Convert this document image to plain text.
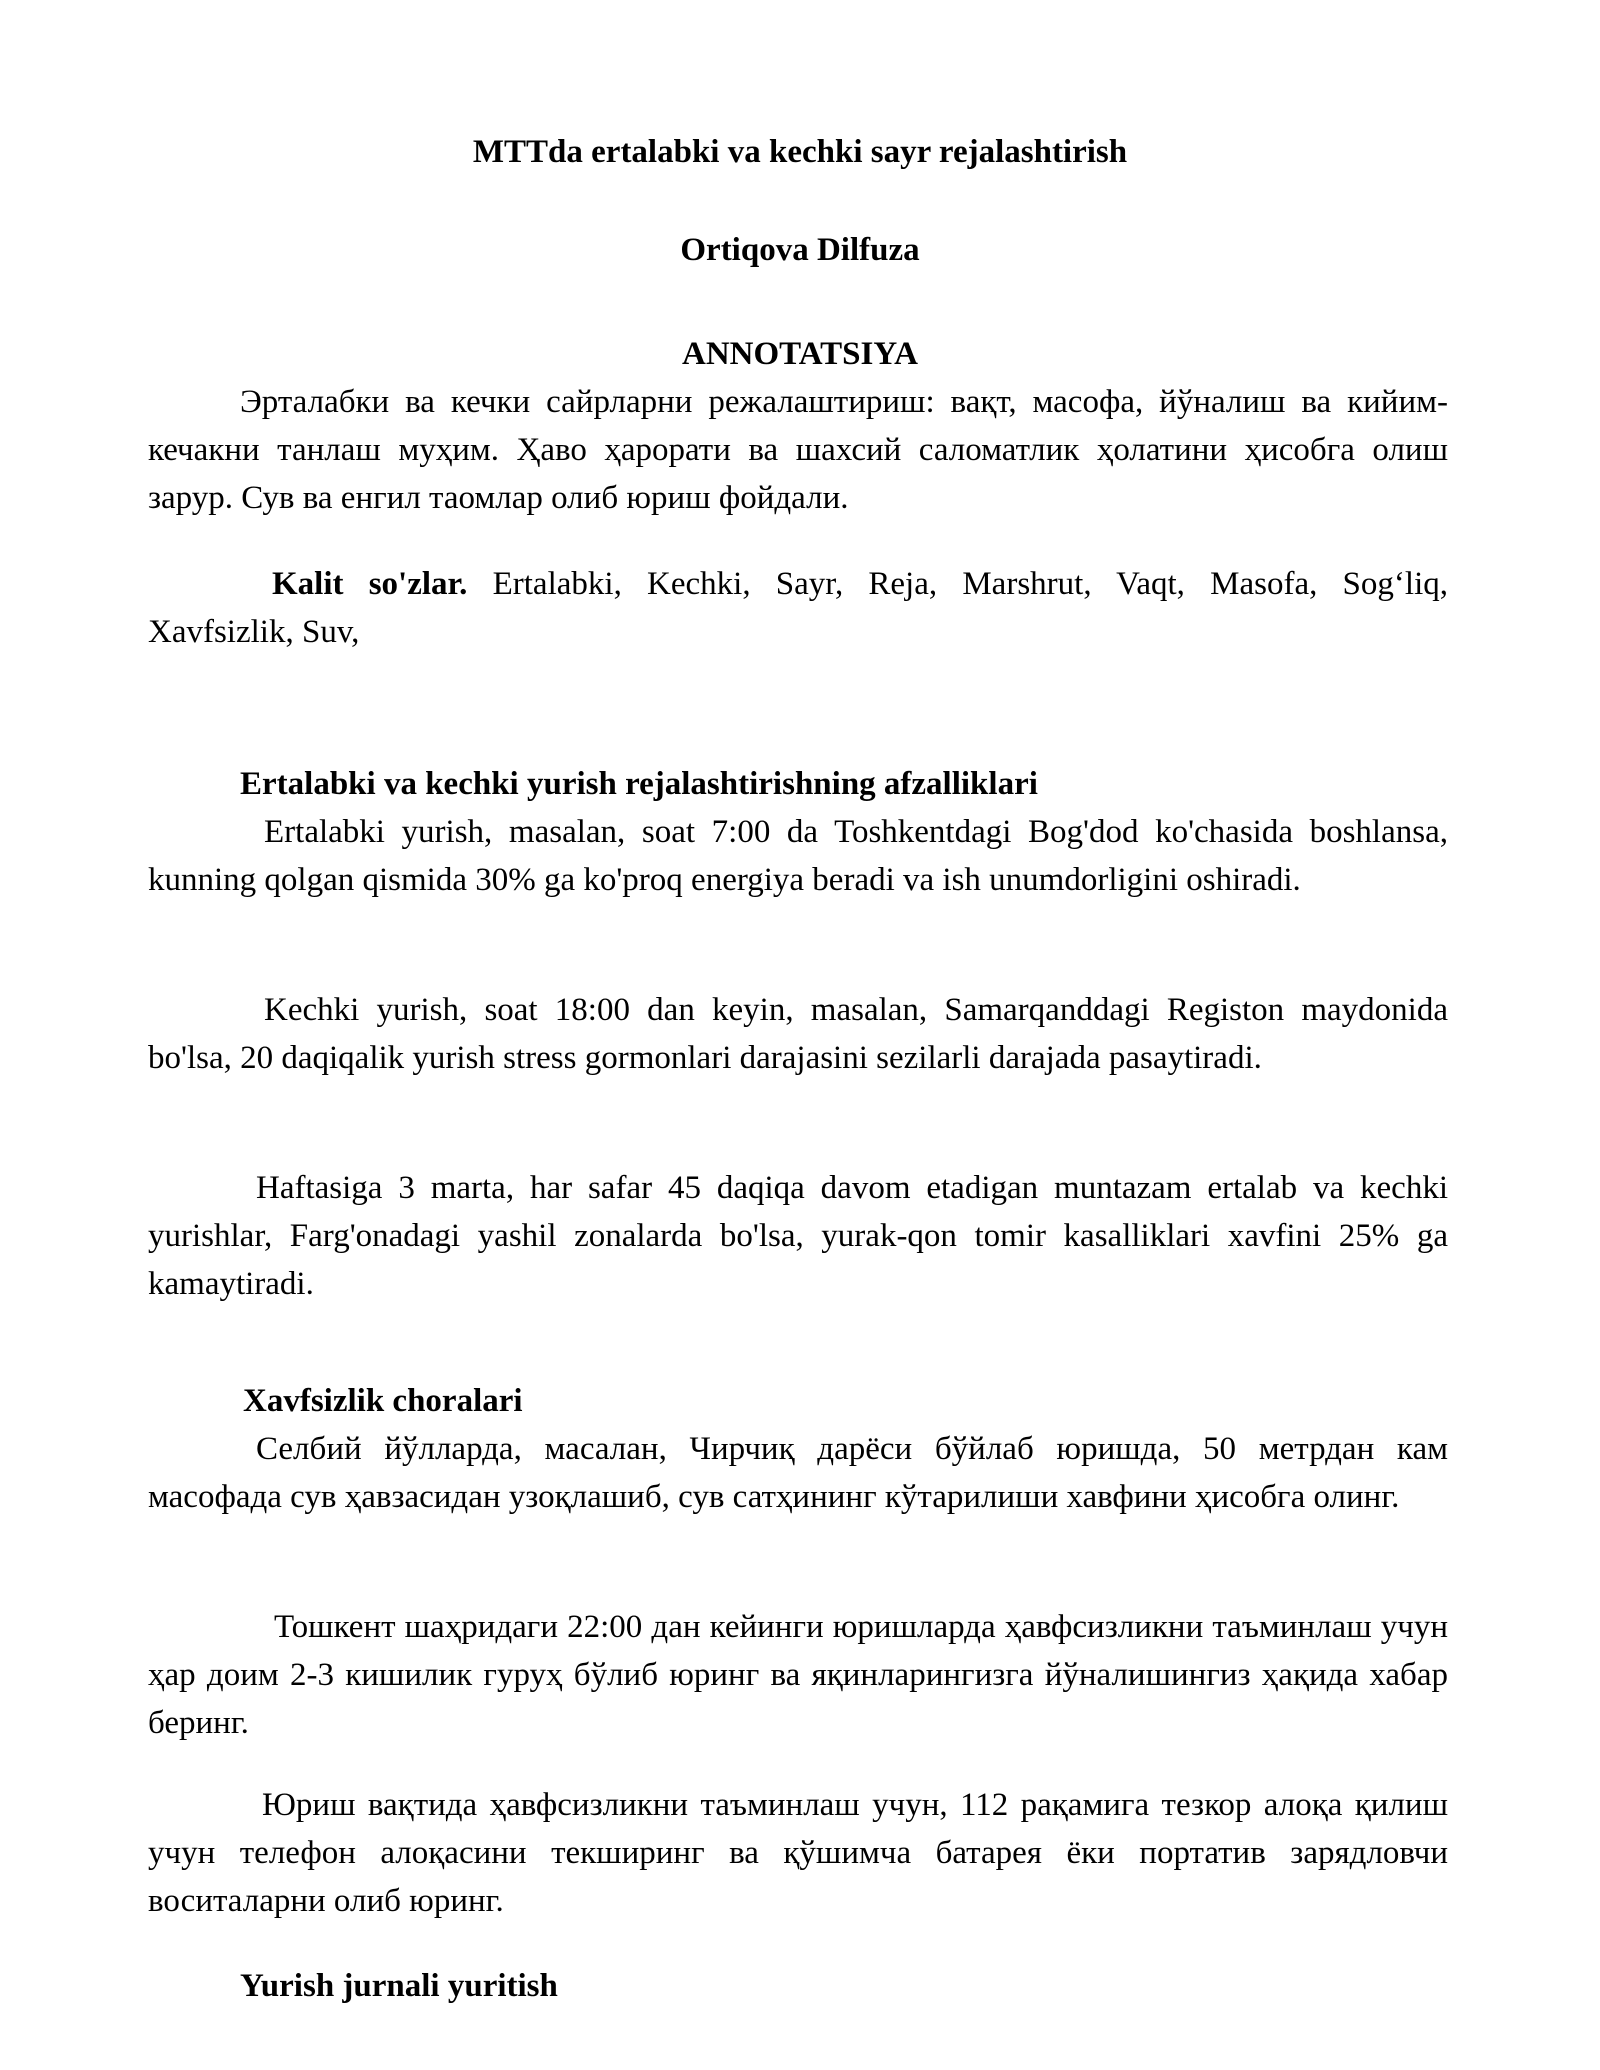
MTTda ertalabki va kechki sayr rejalashtirish
Ortiqova Dilfuza
ANNOTATSIYA

Эрталабки ва кечки сайрларни режалаштириш: вақт, масофа, йўналиш ва кийим-кечакни танлаш муҳим. Ҳаво ҳарорати ва шахсий саломатлик ҳолатини ҳисобга олиш зарур. Сув ва енгил таомлар олиб юриш фойдали.

Kalit so'zlar. Ertalabki, Kechki, Sayr, Reja, Marshrut, Vaqt, Masofa, Sog‘liq, Xavfsizlik, Suv,

Ertalabki va kechki yurish rejalashtirishning afzalliklari

Ertalabki yurish, masalan, soat 7:00 da Toshkentdagi Bog'dod ko'chasida boshlansa, kunning qolgan qismida 30% ga ko'proq energiya beradi va ish unumdorligini oshiradi.

Kechki yurish, soat 18:00 dan keyin, masalan, Samarqanddagi Registon maydonida bo'lsa, 20 daqiqalik yurish stress gormonlari darajasini sezilarli darajada pasaytiradi.

Haftasiga 3 marta, har safar 45 daqiqa davom etadigan muntazam ertalab va kechki yurishlar, Farg'onadagi yashil zonalarda bo'lsa, yurak-qon tomir kasalliklari xavfini 25% ga kamaytiradi.

Xavfsizlik choralari

Селбий йўлларда, масалан, Чирчиқ дарёси бўйлаб юришда, 50 метрдан кам масофада сув ҳавзасидан узоқлашиб, сув сатҳининг кўтарилиши хавфини ҳисобга олинг.

Тошкент шаҳридаги 22:00 дан кейинги юришларда ҳавфсизликни таъминлаш учун ҳар доим 2-3 кишилик гуруҳ бўлиб юринг ва яқинларингизга йўналишингиз ҳақида хабар беринг.

Юриш вақтида ҳавфсизликни таъминлаш учун, 112 рақамига тезкор алоқа қилиш учун телефон алоқасини текширинг ва қўшимча батарея ёки портатив зарядловчи воситаларни олиб юринг.

Yurish jurnali yuritish
